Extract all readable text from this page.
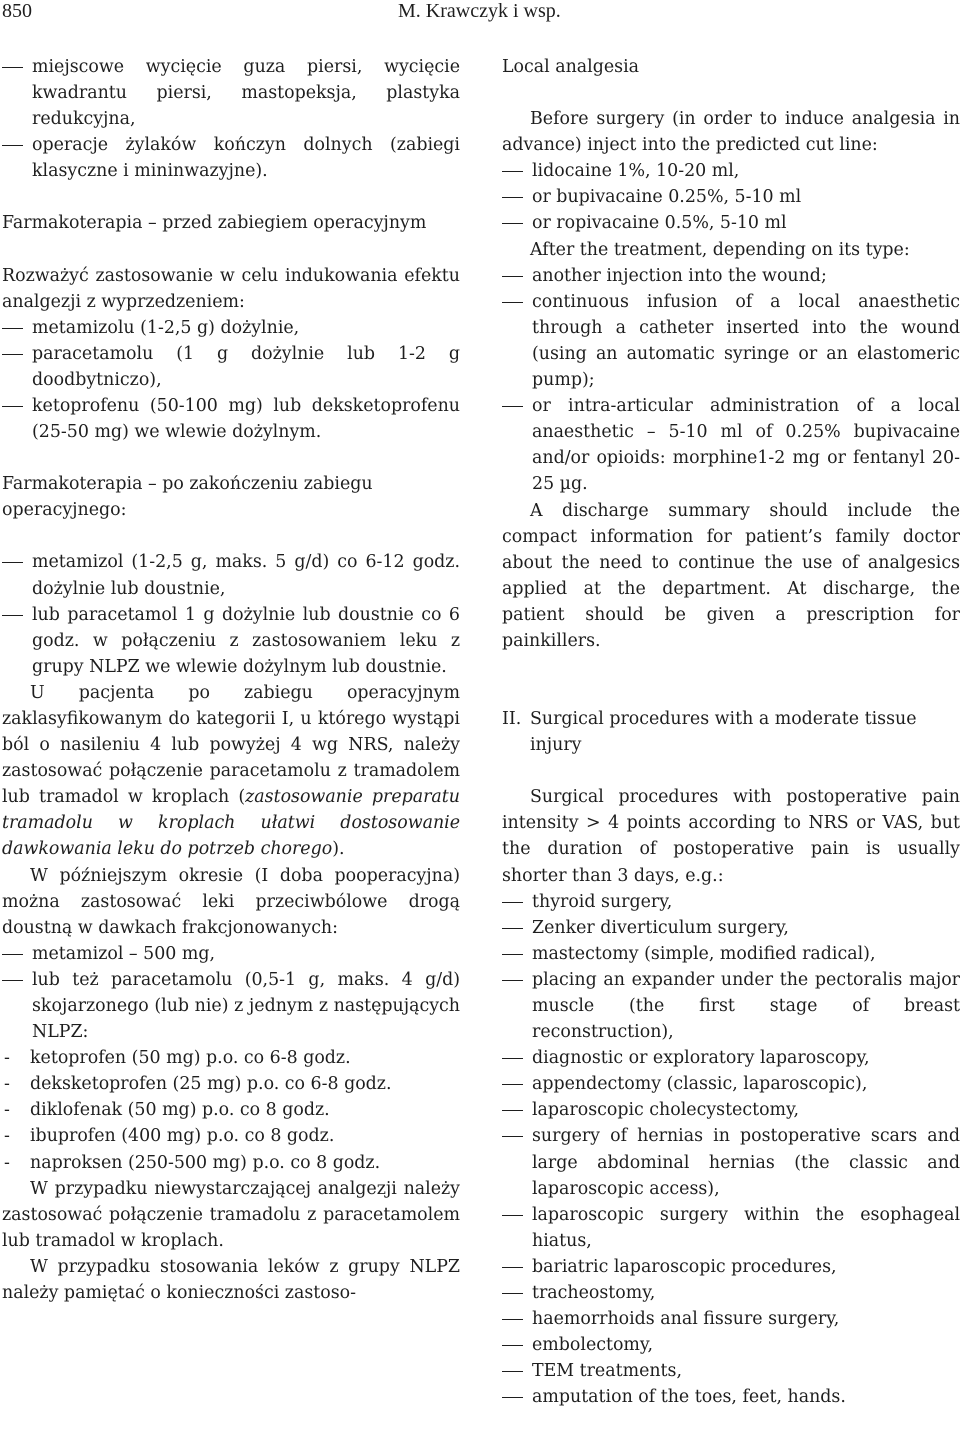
850	M. Krawczyk i wsp.

miejscowe wycięcie guza piersi, wycięcie kwadrantu piersi, mastopeksja, plastyka redukcyjna,

operacje żylaków kończyn dolnych (zabiegi klasyczne i mininwazyjne).

Farmakoterapia – przed zabiegiem operacyjnym

Rozważyć zastosowanie w celu indukowania efektu analgezji z wyprzedzeniem:

metamizolu (1-2,5 g) dożylnie,

paracetamolu (1 g dożylnie lub 1-2 g doodbytniczo),

ketoprofenu (50-100 mg) lub deksketoprofenu (25-50 mg) we wlewie dożylnym.

Farmakoterapia – po zakończeniu zabiegu operacyjnego:

metamizol (1-2,5 g, maks. 5 g/d) co 6-12 godz. dożylnie lub doustnie,

lub paracetamol 1 g dożylnie lub doustnie co 6 godz. w połączeniu z zastosowaniem leku z grupy NLPZ we wlewie dożylnym lub doustnie.

U pacjenta po zabiegu operacyjnym zaklasyfikowanym do kategorii I, u którego wystąpi ból o nasileniu 4 lub powyżej 4 wg NRS, należy zastosować połączenie paracetamolu z tramadolem lub tramadol w kroplach (zastosowanie preparatu tramadolu w kroplach ułatwi dostosowanie dawkowania leku do potrzeb chorego).

W późniejszym okresie (I doba pooperacyjna) można zastosować leki przeciwbólowe drogą doustną w dawkach frakcjonowanych:

metamizol – 500 mg,

lub też paracetamolu (0,5-1 g, maks. 4 g/d) skojarzonego (lub nie) z jednym z następujących NLPZ:

- ketoprofen (50 mg) p.o. co 6-8 godz.

- deksketoprofen (25 mg) p.o. co 6-8 godz.

- diklofenak (50 mg) p.o. co 8 godz.

- ibuprofen (400 mg) p.o. co 8 godz.

- naproksen (250-500 mg) p.o. co 8 godz.

W przypadku niewystarczającej analgezji należy zastosować połączenie tramadolu z paracetamolem lub tramadol w kroplach.

W przypadku stosowania leków z grupy NLPZ należy pamiętać o konieczności zastoso-

Local analgesia

Before surgery (in order to induce analgesia in advance) inject into the predicted cut line:

lidocaine 1%, 10-20 ml,

or bupivacaine 0.25%, 5-10 ml

or ropivacaine 0.5%, 5-10 ml

After the treatment, depending on its type:

another injection into the wound;

continuous infusion of a local anaesthetic through a catheter inserted into the wound (using an automatic syringe or an elastomeric pump);

or intra-articular administration of a local anaesthetic – 5-10 ml of 0.25% bupivacaine and/or opioids: morphine1-2 mg or fentanyl 20-25 µg.

A discharge summary should include the compact information for patient’s family doctor about the need to continue the use of analgesics applied at the department. At discharge, the patient should be given a prescription for painkillers.

II. Surgical procedures with a moderate tissue injury

Surgical procedures with postoperative pain intensity > 4 points according to NRS or VAS, but the duration of postoperative pain is usually shorter than 3 days, e.g.:

thyroid surgery,

Zenker diverticulum surgery,

mastectomy (simple, modified radical),

placing an expander under the pectoralis major muscle (the first stage of breast reconstruction),

diagnostic or exploratory laparoscopy,

appendectomy (classic, laparoscopic),

laparoscopic cholecystectomy,

surgery of hernias in postoperative scars and large abdominal hernias (the classic and laparoscopic access),

laparoscopic surgery within the esophageal hiatus,

bariatric laparoscopic procedures,

tracheostomy,

haemorrhoids anal fissure surgery,

embolectomy,

TEM treatments,

amputation of the toes, feet, hands.
